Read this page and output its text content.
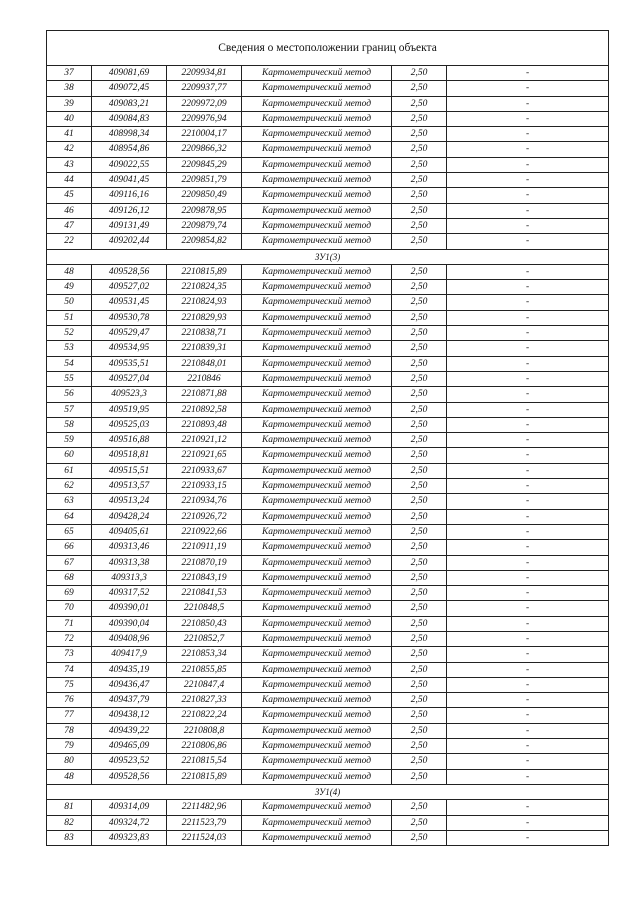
Сведения о местоположении границ объекта					
37	409081,69	2209934,81	Картометрический метод	2,50	-
38	409072,45	2209937,77	Картометрический метод	2,50	-
39	409083,21	2209972,09	Картометрический метод	2,50	-
40	409084,83	2209976,94	Картометрический метод	2,50	-
41	408998,34	2210004,17	Картометрический метод	2,50	-
42	408954,86	2209866,32	Картометрический метод	2,50	-
43	409022,55	2209845,29	Картометрический метод	2,50	-
44	409041,45	2209851,79	Картометрический метод	2,50	-
45	409116,16	2209850,49	Картометрический метод	2,50	-
46	409126,12	2209878,95	Картометрический метод	2,50	-
47	409131,49	2209879,74	Картометрический метод	2,50	-
22	409202,44	2209854,82	Картометрический метод	2,50	-
ЗУ1(3)					
48	409528,56	2210815,89	Картометрический метод	2,50	-
49	409527,02	2210824,35	Картометрический метод	2,50	-
50	409531,45	2210824,93	Картометрический метод	2,50	-
51	409530,78	2210829,93	Картометрический метод	2,50	-
52	409529,47	2210838,71	Картометрический метод	2,50	-
53	409534,95	2210839,31	Картометрический метод	2,50	-
54	409535,51	2210848,01	Картометрический метод	2,50	-
55	409527,04	2210846	Картометрический метод	2,50	-
56	409523,3	2210871,88	Картометрический метод	2,50	-
57	409519,95	2210892,58	Картометрический метод	2,50	-
58	409525,03	2210893,48	Картометрический метод	2,50	-
59	409516,88	2210921,12	Картометрический метод	2,50	-
60	409518,81	2210921,65	Картометрический метод	2,50	-
61	409515,51	2210933,67	Картометрический метод	2,50	-
62	409513,57	2210933,15	Картометрический метод	2,50	-
63	409513,24	2210934,76	Картометрический метод	2,50	-
64	409428,24	2210926,72	Картометрический метод	2,50	-
65	409405,61	2210922,66	Картометрический метод	2,50	-
66	409313,46	2210911,19	Картометрический метод	2,50	-
67	409313,38	2210870,19	Картометрический метод	2,50	-
68	409313,3	2210843,19	Картометрический метод	2,50	-
69	409317,52	2210841,53	Картометрический метод	2,50	-
70	409390,01	2210848,5	Картометрический метод	2,50	-
71	409390,04	2210850,43	Картометрический метод	2,50	-
72	409408,96	2210852,7	Картометрический метод	2,50	-
73	409417,9	2210853,34	Картометрический метод	2,50	-
74	409435,19	2210855,85	Картометрический метод	2,50	-
75	409436,47	2210847,4	Картометрический метод	2,50	-
76	409437,79	2210827,33	Картометрический метод	2,50	-
77	409438,12	2210822,24	Картометрический метод	2,50	-
78	409439,22	2210808,8	Картометрический метод	2,50	-
79	409465,09	2210806,86	Картометрический метод	2,50	-
80	409523,52	2210815,54	Картометрический метод	2,50	-
48	409528,56	2210815,89	Картометрический метод	2,50	-
ЗУ1(4)					
81	409314,09	2211482,96	Картометрический метод	2,50	-
82	409324,72	2211523,79	Картометрический метод	2,50	-
83	409323,83	2211524,03	Картометрический метод	2,50	-
